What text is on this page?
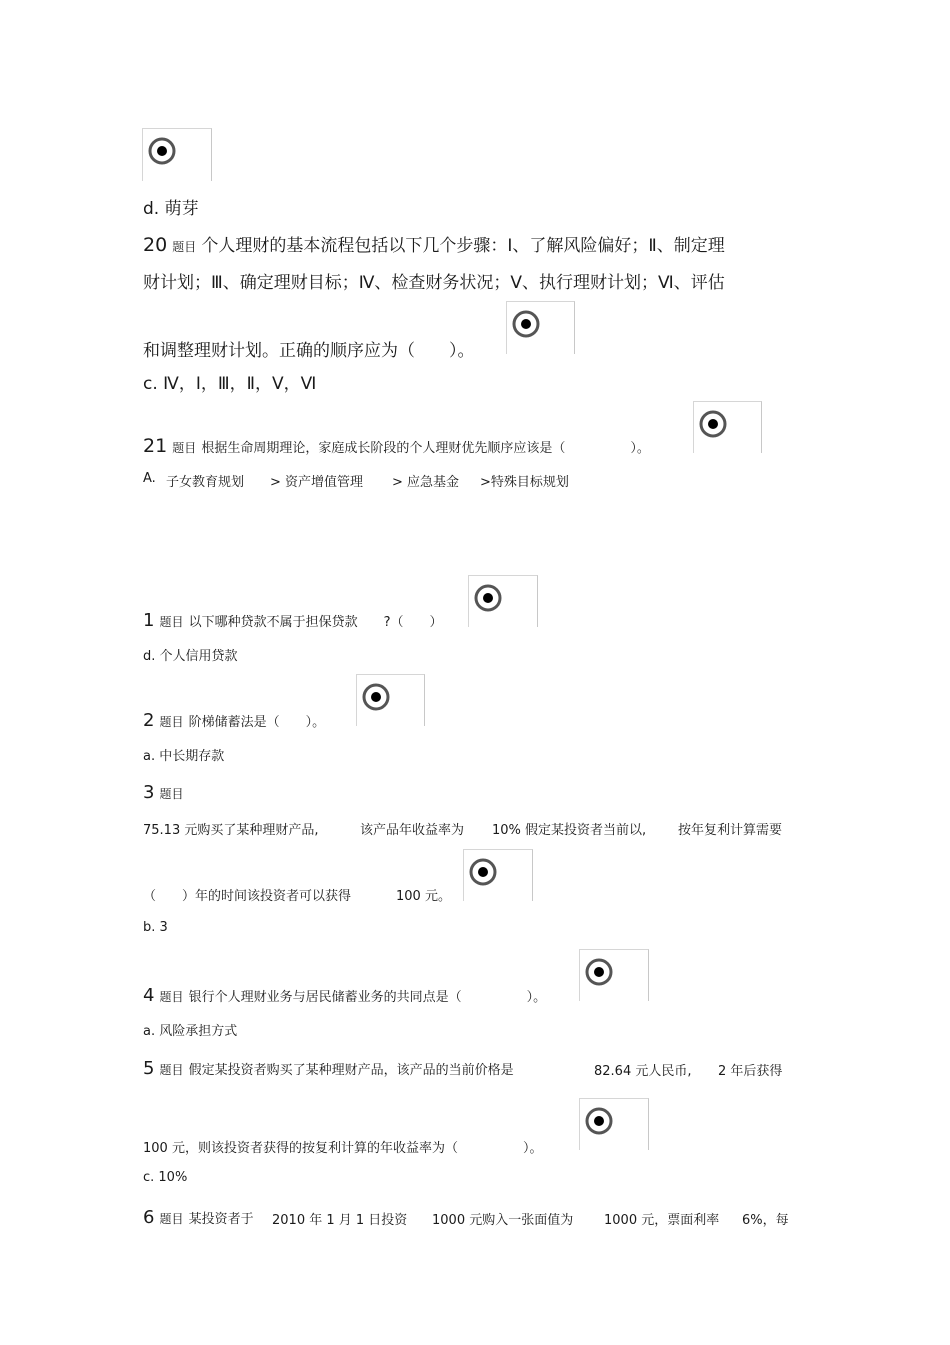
d. 萌芽
20 题目 个人理财的基本流程包括以下几个步骤：Ⅰ、了解风险偏好；Ⅱ、制定理
财计划；Ⅲ、确定理财目标；Ⅳ、检查财务状况；Ⅴ、执行理财计划；Ⅵ、评估
和调整理财计划。正确的顺序应为（　　）。
c. Ⅳ，Ⅰ，Ⅲ，Ⅱ，Ⅴ，Ⅵ
21 题目 根据生命周期理论，家庭成长阶段的个人理财优先顺序应该是（　　　　　）。
A. 子女教育规划 > 资产增值管理 > 应急基金 >特殊目标规划
1 题目 以下哪种贷款不属于担保贷款　　?（　　）
d. 个人信用贷款
2 题目 阶梯储蓄法是（　　）。
a. 中长期存款
3 题目
75.13 元购买了某种理财产品,	该产品年收益率为 10% 假定某投资者当前以, 按年复利计算需要
（　　）年的时间该投资者可以获得	100 元。
b. 3
4 题目 银行个人理财业务与居民储蓄业务的共同点是（　　　　　）。
a. 风险承担方式
5 题目 假定某投资者购买了某种理财产品，该产品的当前价格是	82.64 元人民币, 2 年后获得
100 元，则该投资者获得的按复利计算的年收益率为（　　　　　）。
c. 10%
6 题目 某投资者于 2010 年 1 月 1 日投资 1000 元购入一张面值为 1000 元，票面利率 6%，每
